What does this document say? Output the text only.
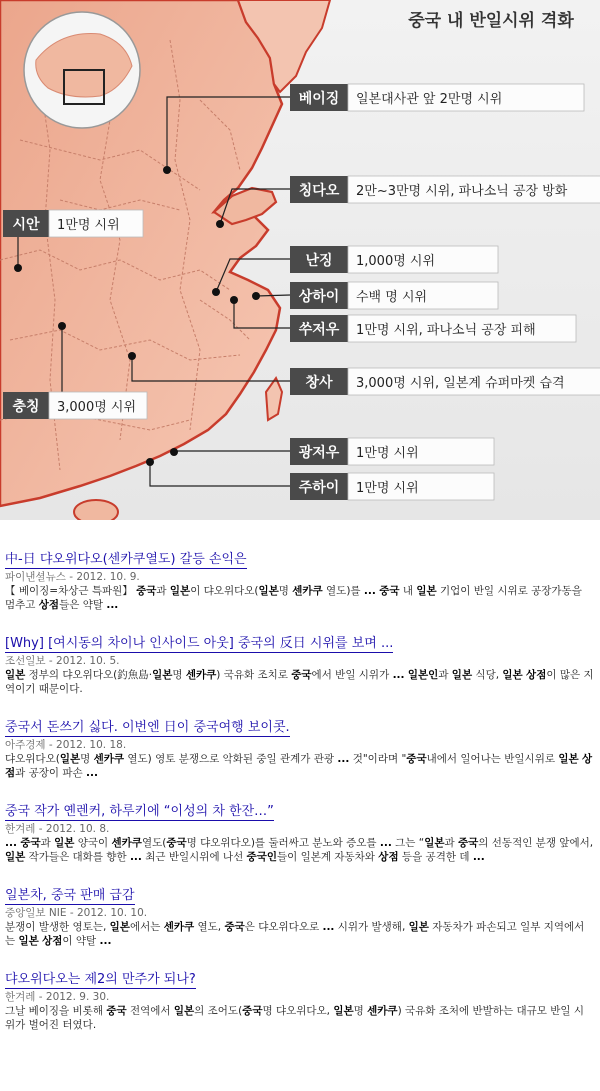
중국 내 반일시위 격화
베이징 일본대사관 앞 2만명 시위
칭다오 2만~3만명 시위, 파나소닉 공장 방화
시안 1만명 시위
난징 1,000명 시위
상하이 수백 명 시위
쑤저우 1만명 시위, 파나소닉 공장 피해
창사 3,000명 시위, 일본계 슈퍼마켓 습격
충칭 3,000명 시위
광저우 1만명 시위
주하이 1만명 시위
中-日 댜오위다오(센카쿠열도) 갈등 손익은
파이낸셜뉴스 - 2012. 10. 9.
【 베이징=차상근 특파원】 중국과 일본이 댜오위다오(일본명 센카쿠 열도)를 ... 중국 내 일본 기업이 반일 시위로 공장가동을 멈추고 상점들은 약탈 ...
[Why] [여시동의 차이나 인사이드 아웃] 중국의 反日 시위를 보며 ...
조선일보 - 2012. 10. 5.
일본 정부의 댜오위다오(釣魚島·일본명 센카쿠) 국유화 조치로 중국에서 반일 시위가 ... 일본인과 일본 식당, 일본 상점이 많은 지역이기 때문이다.
중국서 돈쓰기 싫다. 이번엔 日이 중국여행 보이콧.
아주경제 - 2012. 10. 18.
댜오위다오(일본명 센카쿠 열도) 영토 분쟁으로 악화된 중일 관계가 관광 ... 것"이라며 "중국내에서 일어나는 반일시위로 일본 상점과 공장이 파손 ...
중국 작가 옌렌커, 하루키에 “이성의 차 한잔…”
한겨레 - 2012. 10. 8.
... 중국과 일본 양국이 센카쿠열도(중국명 댜오위다오)를 둘러싸고 분노와 증오를 ... 그는 “일본과 중국의 선동적인 분쟁 앞에서, 일본 작가들은 대화를 향한 ... 최근 반일시위에 나선 중국인들이 일본계 자동차와 상점 등을 공격한 데 ...
일본차, 중국 판매 급감
중앙일보 NIE - 2012. 10. 10.
분쟁이 발생한 영토는, 일본에서는 센카쿠 열도, 중국은 댜오위다오로 ... 시위가 발생해, 일본 자동차가 파손되고 일부 지역에서는 일본 상점이 약탈 ...
댜오위다오는 제2의 만주가 되나?
한겨레 - 2012. 9. 30.
그날 베이징을 비롯해 중국 전역에서 일본의 조어도(중국명 댜오위다오, 일본명 센카쿠) 국유화 조처에 반발하는 대규모 반일 시위가 벌어진 터였다.
